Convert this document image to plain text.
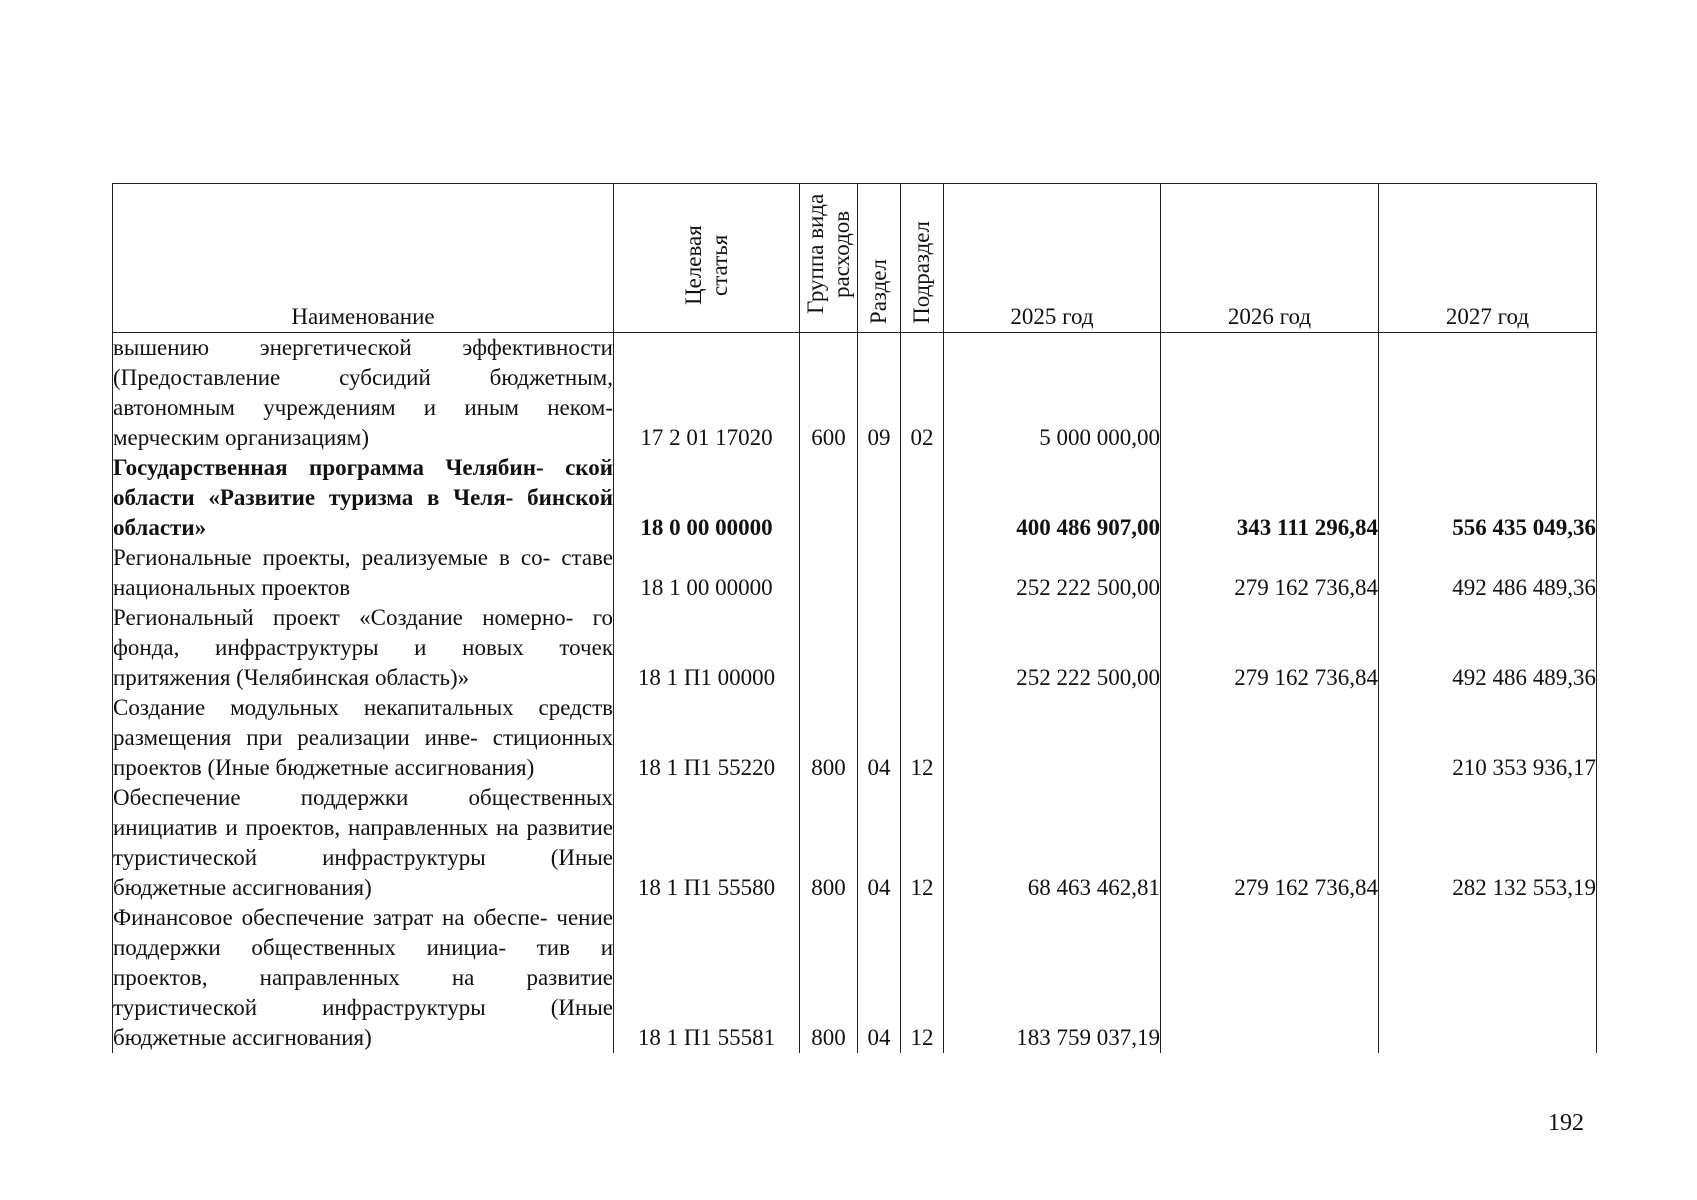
Наименование	Целевая статья	Группа вида расходов	Раздел	Подраздел	2025 год	2026 год	2027 год
вышению энергетической эффективности (Предоставление субсидий бюджетным, автономным учреждениям и иным неком- мерческим организациям)	17 2 01 17020	600	09	02	5 000 000,00		
Государственная программа Челябин- ской области «Развитие туризма в Челя- бинской области»	18 0 00 00000				400 486 907,00	343 111 296,84	556 435 049,36
Региональные проекты, реализуемые в со- ставе национальных проектов	18 1 00 00000				252 222 500,00	279 162 736,84	492 486 489,36
Региональный проект «Создание номерно- го фонда, инфраструктуры и новых точек притяжения (Челябинская область)»	18 1 П1 00000				252 222 500,00	279 162 736,84	492 486 489,36
Создание модульных некапитальных средств размещения при реализации инве- стиционных проектов (Иные бюджетные ассигнования)	18 1 П1 55220	800	04	12			210 353 936,17
Обеспечение поддержки общественных инициатив и проектов, направленных на развитие туристической инфраструктуры (Иные бюджетные ассигнования)	18 1 П1 55580	800	04	12	68 463 462,81	279 162 736,84	282 132 553,19
Финансовое обеспечение затрат на обеспе- чение поддержки общественных инициа- тив и проектов, направленных на развитие туристической инфраструктуры (Иные бюджетные ассигнования)	18 1 П1 55581	800	04	12	183 759 037,19		
192
